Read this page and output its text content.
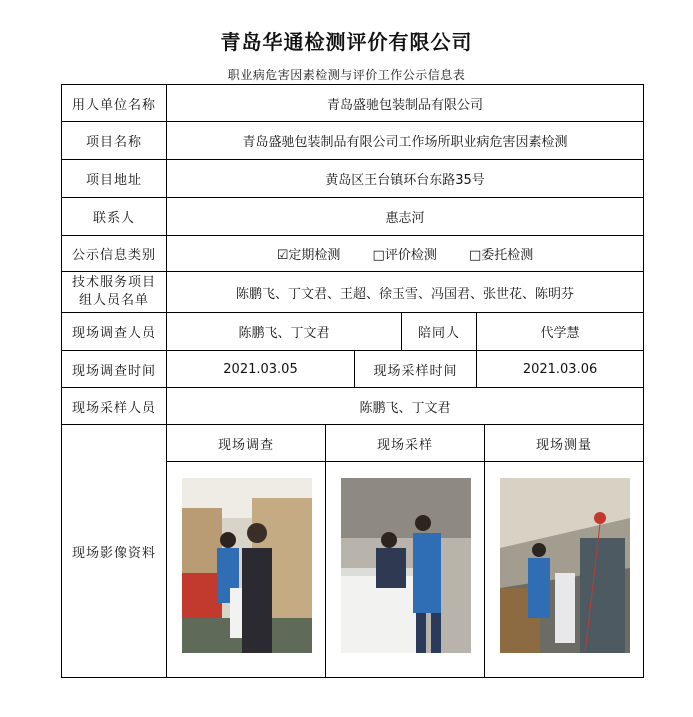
青岛华通检测评价有限公司
职业病危害因素检测与评价工作公示信息表
用人单位名称	青岛盛驰包装制品有限公司			
项目名称	青岛盛驰包装制品有限公司工作场所职业病危害因素检测			
项目地址	黄岛区王台镇环台东路35号			
联系人	惠志河			
公示信息类别	☑定期检测 □评价检测 □委托检测			
技术服务项目
组人员名单	陈鹏飞、丁文君、王超、徐玉雪、冯国君、张世花、陈明芬			
现场调查人员	陈鹏飞、丁文君		陪同人	代学慧
现场调查时间	2021.03.05	现场采样时间		2021.03.06
现场采样人员	陈鹏飞、丁文君			
现场影像资料	现场调查 现场采样 现场测量			
